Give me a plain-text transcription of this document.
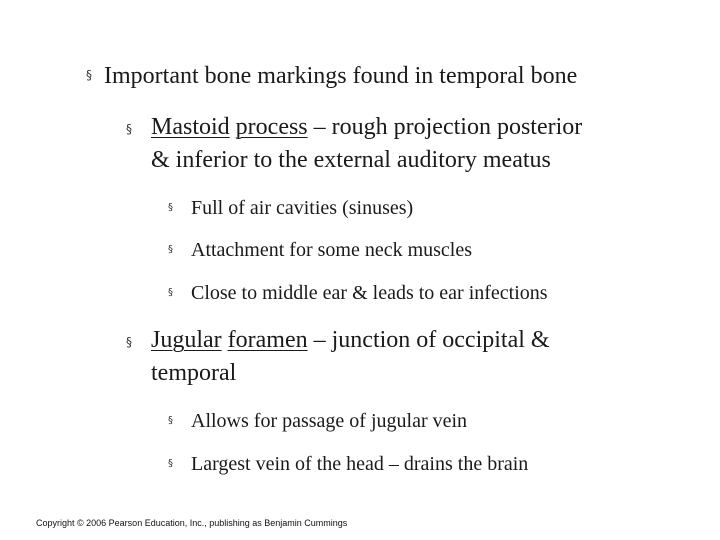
§ Important bone markings found in temporal bone
§ Mastoid process – rough projection posterior
& inferior to the external auditory meatus
§ Full of air cavities (sinuses)
§ Attachment for some neck muscles
§ Close to middle ear & leads to ear infections
§ Jugular foramen – junction of occipital &
temporal
§ Allows for passage of jugular vein
§ Largest vein of the head – drains the brain
Copyright © 2006 Pearson Education, Inc., publishing as Benjamin Cummings
